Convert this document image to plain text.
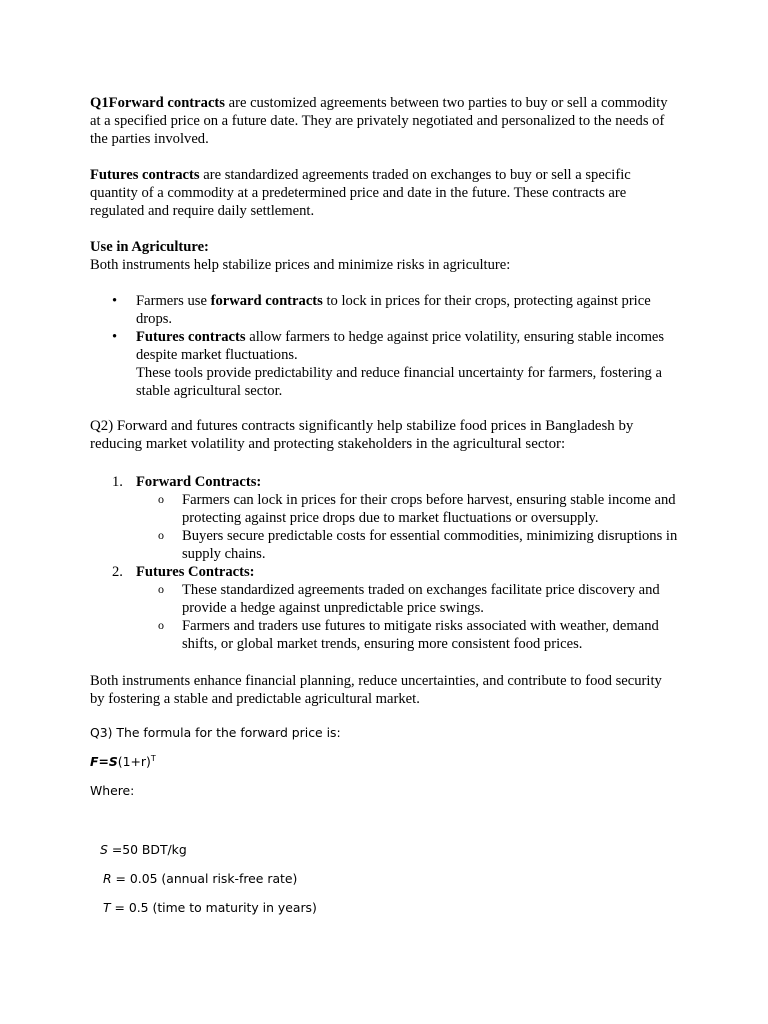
Q1Forward contracts are customized agreements between two parties to buy or sell a commodity at a specified price on a future date. They are privately negotiated and personalized to the needs of the parties involved.

Futures contracts are standardized agreements traded on exchanges to buy or sell a specific quantity of a commodity at a predetermined price and date in the future. These contracts are regulated and require daily settlement.

Use in Agriculture:

Both instruments help stabilize prices and minimize risks in agriculture:

• Farmers use forward contracts to lock in prices for their crops, protecting against price drops.
• Futures contracts allow farmers to hedge against price volatility, ensuring stable incomes despite market fluctuations.
These tools provide predictability and reduce financial uncertainty for farmers, fostering a stable agricultural sector.

Q2) Forward and futures contracts significantly help stabilize food prices in Bangladesh by reducing market volatility and protecting stakeholders in the agricultural sector:

1. Forward Contracts:
o Farmers can lock in prices for their crops before harvest, ensuring stable income and protecting against price drops due to market fluctuations or oversupply.
o Buyers secure predictable costs for essential commodities, minimizing disruptions in supply chains.
2. Futures Contracts:
o These standardized agreements traded on exchanges facilitate price discovery and provide a hedge against unpredictable price swings.
o Farmers and traders use futures to mitigate risks associated with weather, demand shifts, or global market trends, ensuring more consistent food prices.

Both instruments enhance financial planning, reduce uncertainties, and contribute to food security by fostering a stable and predictable agricultural market.

Q3) The formula for the forward price is:

$F=S(1+r)^T$

Where:

S =50 BDT/kg

R = 0.05 (annual risk-free rate)

T = 0.5 (time to maturity in years)
